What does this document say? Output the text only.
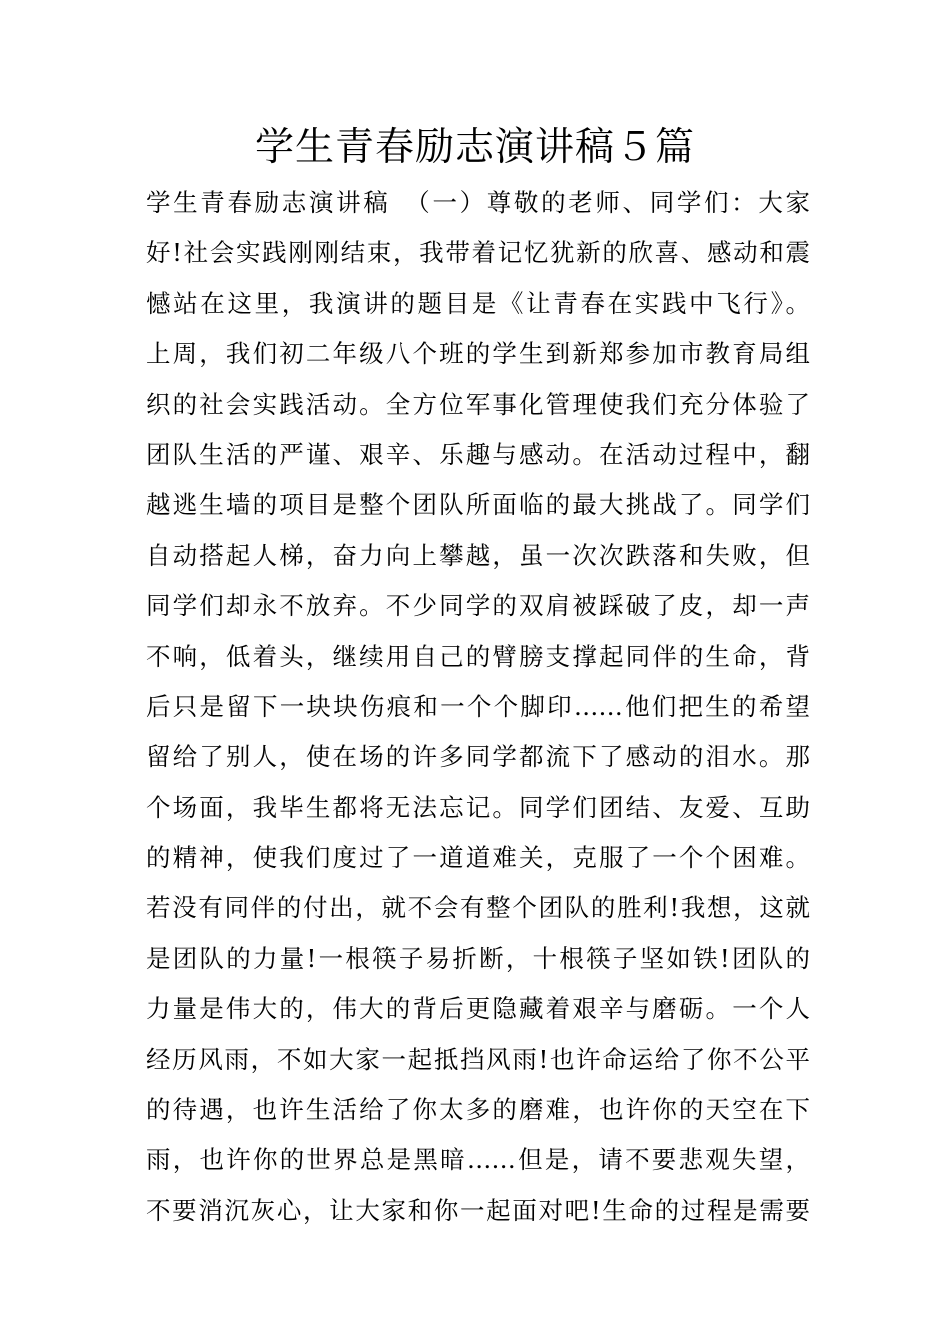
学生青春励志演讲稿５篇
学生青春励志演讲稿　（一）尊敬的老师、同学们：大家
好!社会实践刚刚结束，我带着记忆犹新的欣喜、感动和震
憾站在这里，我演讲的题目是《让青春在实践中飞行》。
上周，我们初二年级八个班的学生到新郑参加市教育局组
织的社会实践活动。全方位军事化管理使我们充分体验了
团队生活的严谨、艰辛、乐趣与感动。在活动过程中，翻
越逃生墙的项目是整个团队所面临的最大挑战了。同学们
自动搭起人梯，奋力向上攀越，虽一次次跌落和失败，但
同学们却永不放弃。不少同学的双肩被踩破了皮，却一声
不响，低着头，继续用自己的臂膀支撑起同伴的生命，背
后只是留下一块块伤痕和一个个脚印……他们把生的希望
留给了别人，使在场的许多同学都流下了感动的泪水。那
个场面，我毕生都将无法忘记。同学们团结、友爱、互助
的精神，使我们度过了一道道难关，克服了一个个困难。
若没有同伴的付出，就不会有整个团队的胜利!我想，这就
是团队的力量!一根筷子易折断，十根筷子坚如铁!团队的
力量是伟大的，伟大的背后更隐藏着艰辛与磨砺。一个人
经历风雨，不如大家一起抵挡风雨!也许命运给了你不公平
的待遇，也许生活给了你太多的磨难，也许你的天空在下
雨，也许你的世界总是黑暗……但是，请不要悲观失望，
不要消沉灰心，让大家和你一起面对吧!生命的过程是需要
